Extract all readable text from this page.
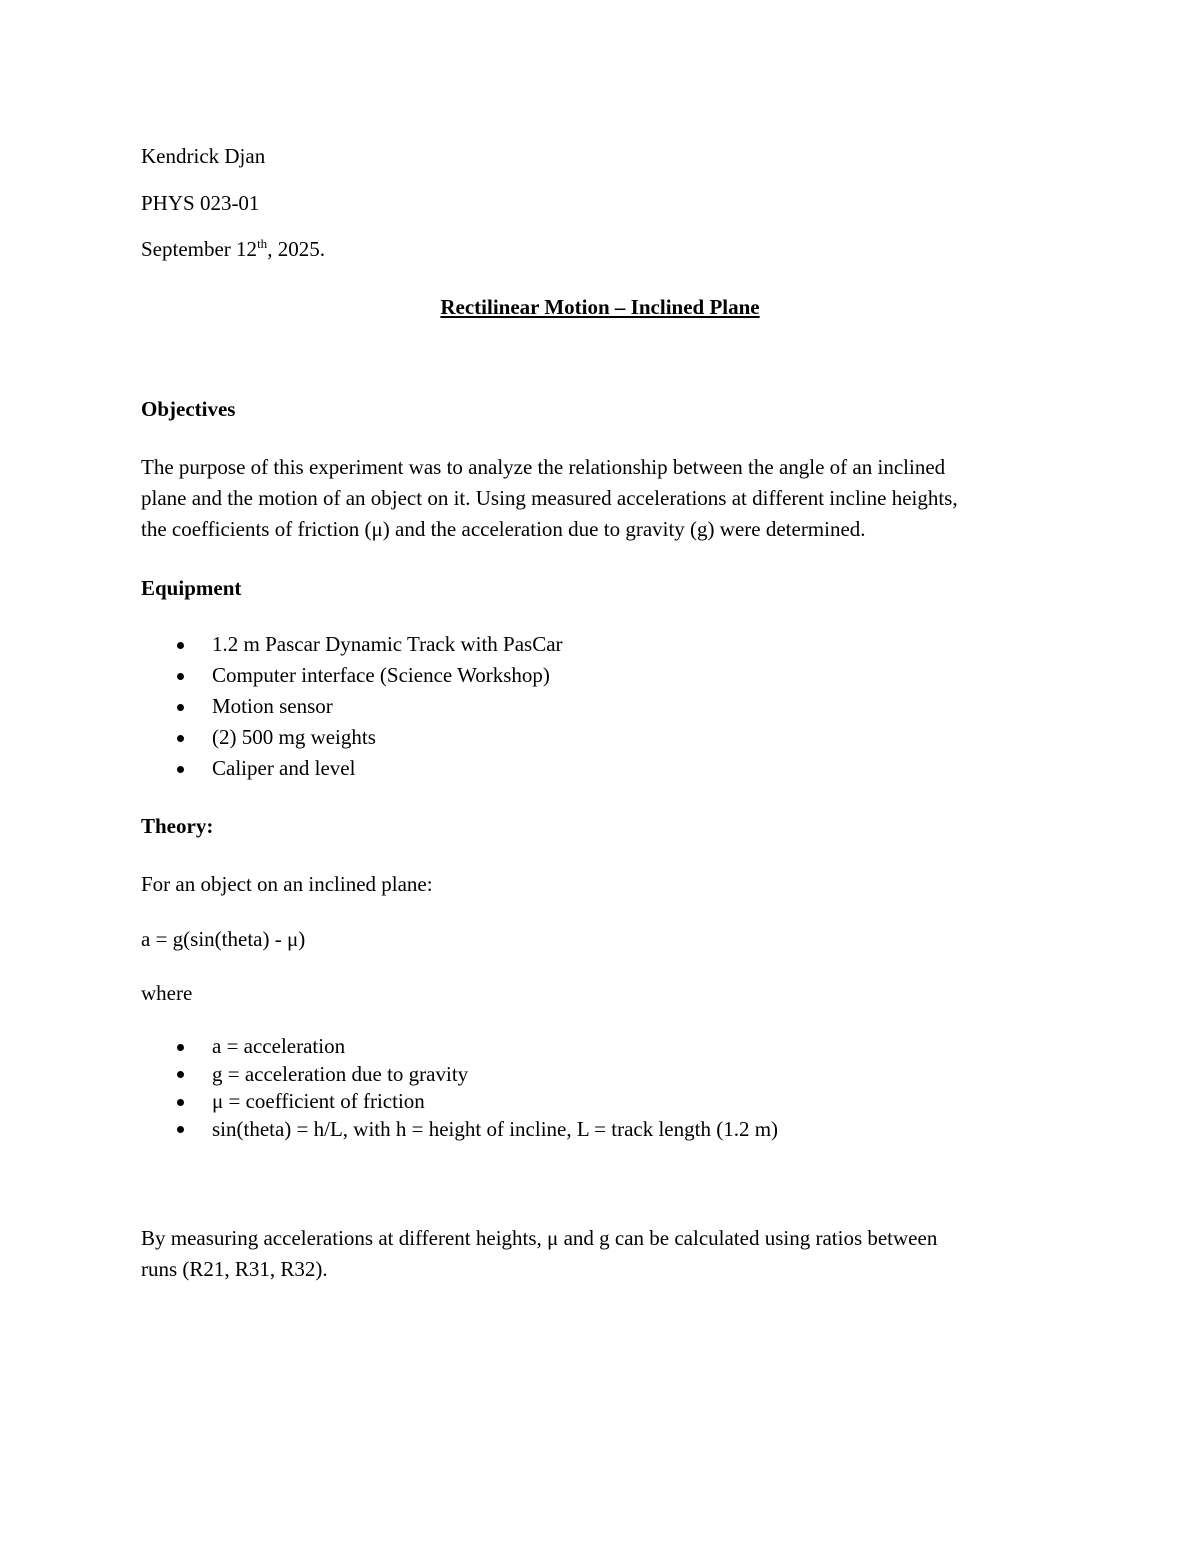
Kendrick Djan
PHYS 023-01
September 12th, 2025.
Rectilinear Motion – Inclined Plane
Objectives
The purpose of this experiment was to analyze the relationship between the angle of an inclined
plane and the motion of an object on it. Using measured accelerations at different incline heights,
the coefficients of friction (μ) and the acceleration due to gravity (g) were determined.
Equipment
1.2 m Pascar Dynamic Track with PasCar
Computer interface (Science Workshop)
Motion sensor
(2) 500 mg weights
Caliper and level
Theory:
For an object on an inclined plane:
a = g(sin(theta) - μ)
where
a = acceleration
g = acceleration due to gravity
μ = coefficient of friction
sin(theta) = h/L, with h = height of incline, L = track length (1.2 m)
By measuring accelerations at different heights, μ and g can be calculated using ratios between
runs (R21, R31, R32).
